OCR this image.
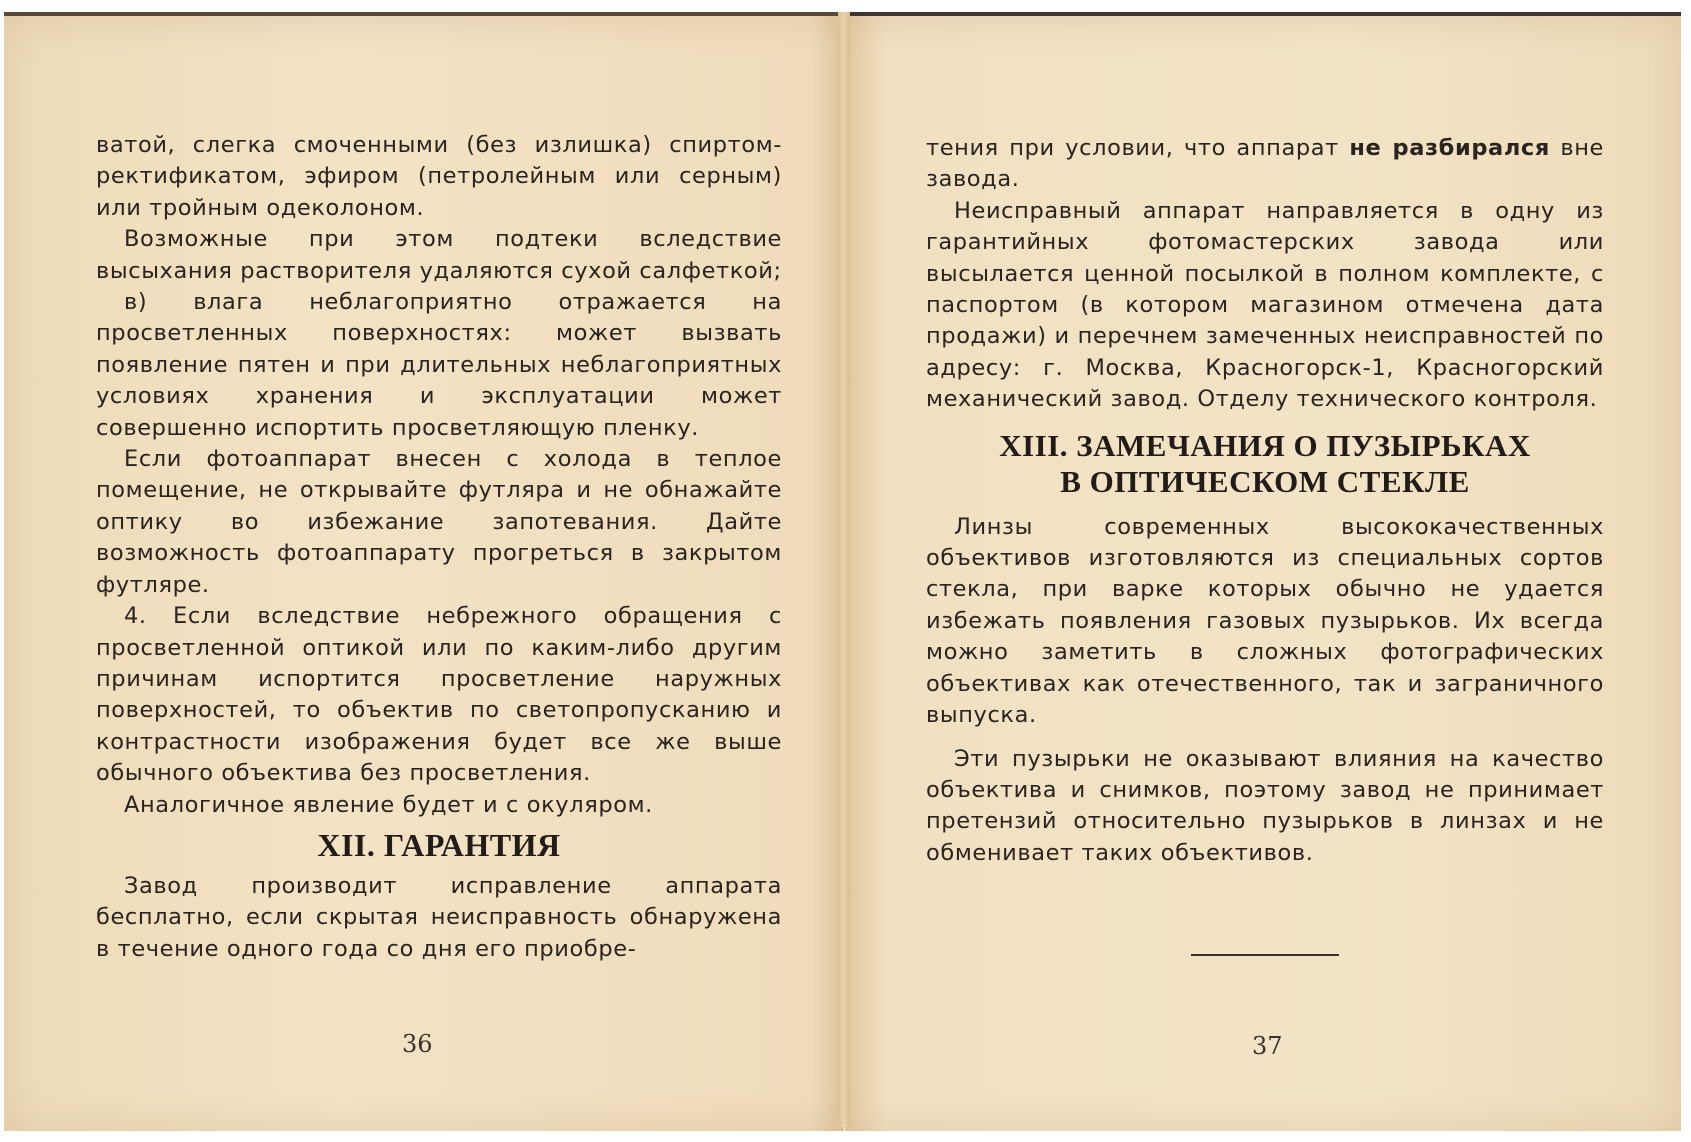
ватой, слегка смоченными (без излишка) спиртом-ректификатом, эфиром (петролейным или серным) или тройным одеколоном.

Возможные при этом подтеки вследствие высыхания растворителя удаляются сухой салфеткой;

в) влага неблагоприятно отражается на просветленных поверхностях: может вызвать появление пятен и при длительных неблагоприятных условиях хранения и эксплуатации может совершенно испортить просветляющую пленку.

Если фотоаппарат внесен с холода в теплое помещение, не открывайте футляра и не обнажайте оптику во избежание запотевания. Дайте возможность фотоаппарату прогреться в закрытом футляре.

4. Если вследствие небрежного обращения с просветленной оптикой или по каким-либо другим причинам испортится просветление наружных поверхностей, то объектив по светопропусканию и контрастности изображения будет все же выше обычного объектива без просветления.

Аналогичное явление будет и с окуляром.

XII. ГАРАНТИЯ

Завод производит исправление аппарата бесплатно, если скрытая неисправность обнаружена в течение одного года со дня его приобре-

36

тения при условии, что аппарат не разбирался вне завода.

Неисправный аппарат направляется в одну из гарантийных фотомастерских завода или высылается ценной посылкой в полном комплекте, с паспортом (в котором магазином отмечена дата продажи) и перечнем замеченных неисправностей по адресу: г. Москва, Красногорск-1, Красногорский механический завод. Отделу технического контроля.

XIII. ЗАМЕЧАНИЯ О ПУЗЫРЬКАХ
В ОПТИЧЕСКОМ СТЕКЛЕ

Линзы современных высококачественных объективов изготовляются из специальных сортов стекла, при варке которых обычно не удается избежать появления газовых пузырьков. Их всегда можно заметить в сложных фотографических объективах как отечественного, так и заграничного выпуска.

Эти пузырьки не оказывают влияния на качество объектива и снимков, поэтому завод не принимает претензий относительно пузырьков в линзах и не обменивает таких объективов.

37
